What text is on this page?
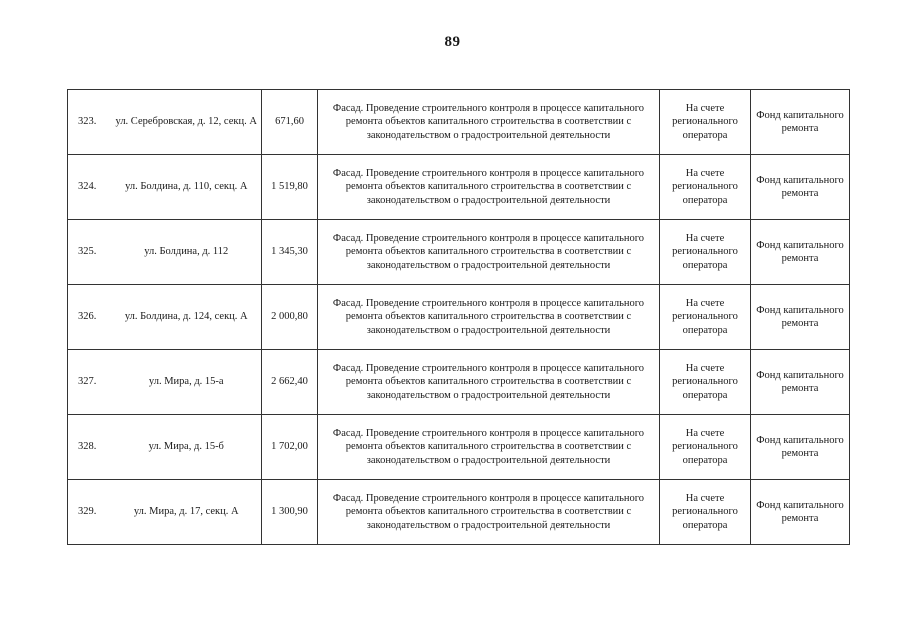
89
323.	ул. Серебровская, д. 12, секц. А	671,60	Фасад. Проведение строительного контроля в процессе капитального ремонта объектов капитального строительства в соответствии с законодательством о градостроительной деятельности	На счете регионального оператора	Фонд капитального ремонта
324.	ул. Болдина, д. 110, секц. А	1 519,80	Фасад. Проведение строительного контроля в процессе капитального ремонта объектов капитального строительства в соответствии с законодательством о градостроительной деятельности	На счете регионального оператора	Фонд капитального ремонта
325.	ул. Болдина, д. 112	1 345,30	Фасад. Проведение строительного контроля в процессе капитального ремонта объектов капитального строительства в соответствии с законодательством о градостроительной деятельности	На счете регионального оператора	Фонд капитального ремонта
326.	ул. Болдина, д. 124, секц. А	2 000,80	Фасад. Проведение строительного контроля в процессе капитального ремонта объектов капитального строительства в соответствии с законодательством о градостроительной деятельности	На счете регионального оператора	Фонд капитального ремонта
327.	ул. Мира, д. 15-а	2 662,40	Фасад. Проведение строительного контроля в процессе капитального ремонта объектов капитального строительства в соответствии с законодательством о градостроительной деятельности	На счете регионального оператора	Фонд капитального ремонта
328.	ул. Мира, д. 15-б	1 702,00	Фасад. Проведение строительного контроля в процессе капитального ремонта объектов капитального строительства в соответствии с законодательством о градостроительной деятельности	На счете регионального оператора	Фонд капитального ремонта
329.	ул. Мира, д. 17, секц. А	1 300,90	Фасад. Проведение строительного контроля в процессе капитального ремонта объектов капитального строительства в соответствии с законодательством о градостроительной деятельности	На счете регионального оператора	Фонд капитального ремонта
